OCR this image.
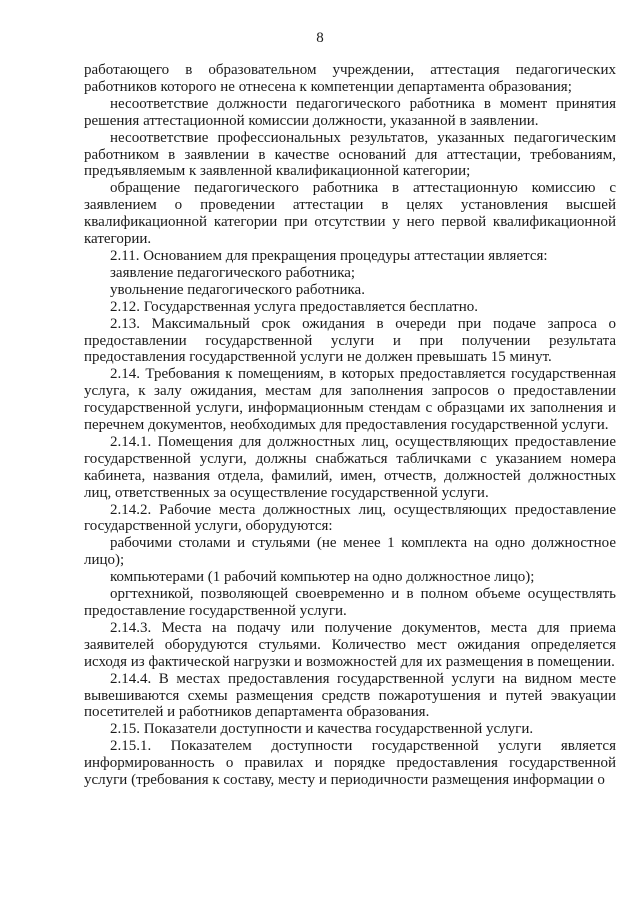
8

работающего в образовательном учреждении, аттестация педагогических работников которого не отнесена к компетенции департамента образования;

несоответствие должности педагогического работника в момент принятия решения аттестационной комиссии должности, указанной в заявлении.

несоответствие профессиональных результатов, указанных педагогическим работником в заявлении в качестве оснований для аттестации, требованиям, предъявляемым к заявленной квалификационной категории;

обращение педагогического работника в аттестационную комиссию с заявлением о проведении аттестации в целях установления высшей квалификационной категории при отсутствии у него первой квалификационной категории.

2.11. Основанием для прекращения процедуры аттестации является:

заявление педагогического работника;

увольнение педагогического работника.

2.12. Государственная услуга предоставляется бесплатно.

2.13. Максимальный срок ожидания в очереди при подаче запроса о предоставлении государственной услуги и при получении результата предоставления государственной услуги не должен превышать 15 минут.

2.14. Требования к помещениям, в которых предоставляется государственная услуга, к залу ожидания, местам для заполнения запросов о предоставлении государственной услуги, информационным стендам с образцами их заполнения и перечнем документов, необходимых для предоставления государственной услуги.

2.14.1. Помещения для должностных лиц, осуществляющих предоставление государственной услуги, должны снабжаться табличками с указанием номера кабинета, названия отдела, фамилий, имен, отчеств, должностей должностных лиц, ответственных за осуществление государственной услуги.

2.14.2. Рабочие места должностных лиц, осуществляющих предоставление государственной услуги, оборудуются:

рабочими столами и стульями (не менее 1 комплекта на одно должностное лицо);

компьютерами (1 рабочий компьютер на одно должностное лицо);

оргтехникой, позволяющей своевременно и в полном объеме осуществлять предоставление государственной услуги.

2.14.3. Места на подачу или получение документов, места для приема заявителей оборудуются стульями. Количество мест ожидания определяется исходя из фактической нагрузки и возможностей для их размещения в помещении.

2.14.4. В местах предоставления государственной услуги на видном месте вывешиваются схемы размещения средств пожаротушения и путей эвакуации посетителей и работников департамента образования.

2.15. Показатели доступности и качества государственной услуги.

2.15.1. Показателем доступности государственной услуги является информированность о правилах и порядке предоставления государственной услуги (требования к составу, месту и периодичности размещения информации о
